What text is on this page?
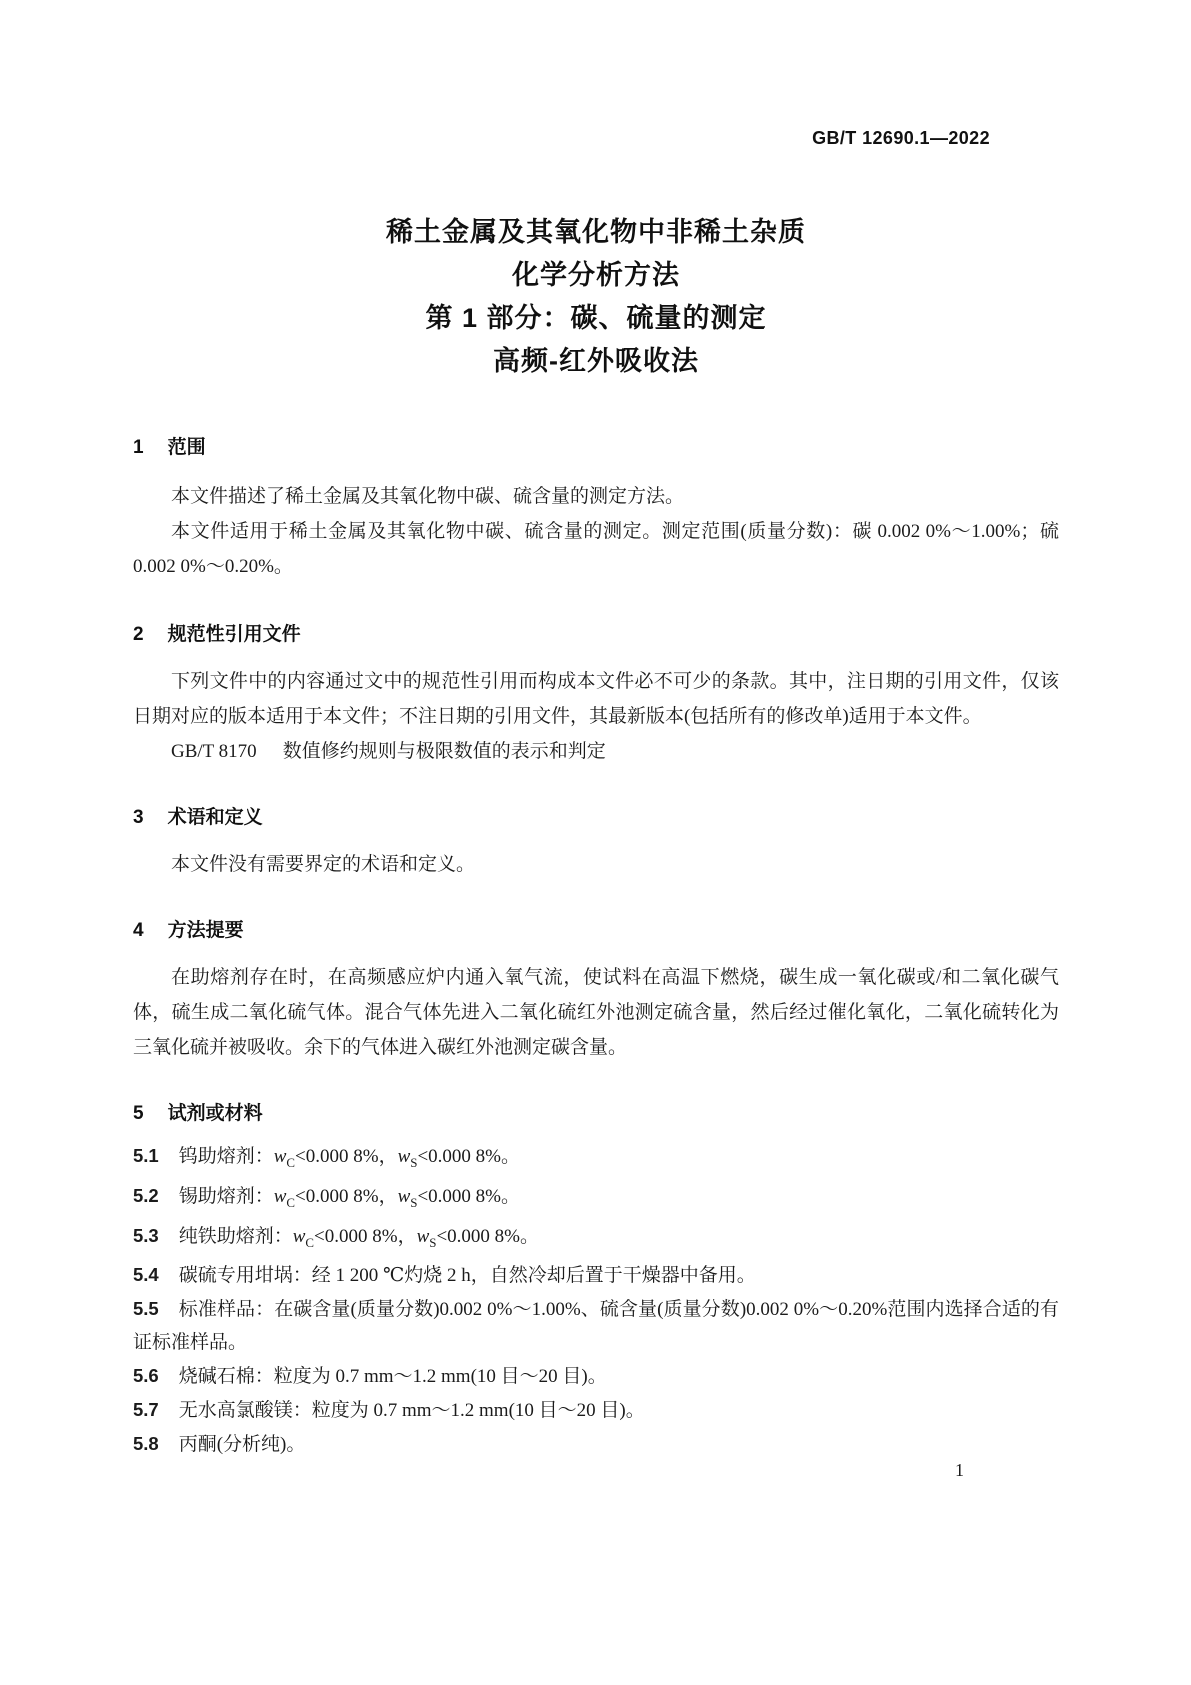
GB/T 12690.1—2022
稀土金属及其氧化物中非稀土杂质
化学分析方法
第 1 部分：碳、硫量的测定
高频-红外吸收法
1 范围

本文件描述了稀土金属及其氧化物中碳、硫含量的测定方法。

本文件适用于稀土金属及其氧化物中碳、硫含量的测定。测定范围(质量分数)：碳 0.002 0%～1.00%；硫 0.002 0%～0.20%。

2 规范性引用文件

下列文件中的内容通过文中的规范性引用而构成本文件必不可少的条款。其中，注日期的引用文件，仅该日期对应的版本适用于本文件；不注日期的引用文件，其最新版本(包括所有的修改单)适用于本文件。

GB/T 8170 数值修约规则与极限数值的表示和判定

3 术语和定义

本文件没有需要界定的术语和定义。

4 方法提要

在助熔剂存在时，在高频感应炉内通入氧气流，使试料在高温下燃烧，碳生成一氧化碳或/和二氧化碳气体，硫生成二氧化硫气体。混合气体先进入二氧化硫红外池测定硫含量，然后经过催化氧化，二氧化硫转化为三氧化硫并被吸收。余下的气体进入碳红外池测定碳含量。

5 试剂或材料
5.1 钨助熔剂：$w_C<0.000$ 8%，$w_S<0.000$ 8%。
5.2 锡助熔剂：$w_C<0.000$ 8%，$w_S<0.000$ 8%。
5.3 纯铁助熔剂：$w_C<0.000$ 8%，$w_S<0.000$ 8%。
5.4 碳硫专用坩埚：经 1 200 ℃灼烧 2 h，自然冷却后置于干燥器中备用。
5.5 标准样品：在碳含量(质量分数)0.002 0%～1.00%、硫含量(质量分数)0.002 0%～0.20%范围内选择合适的有证标准样品。
5.6 烧碱石棉：粒度为 0.7 mm～1.2 mm(10 目～20 目)。
5.7 无水高氯酸镁：粒度为 0.7 mm～1.2 mm(10 目～20 目)。
5.8 丙酮(分析纯)。
1
